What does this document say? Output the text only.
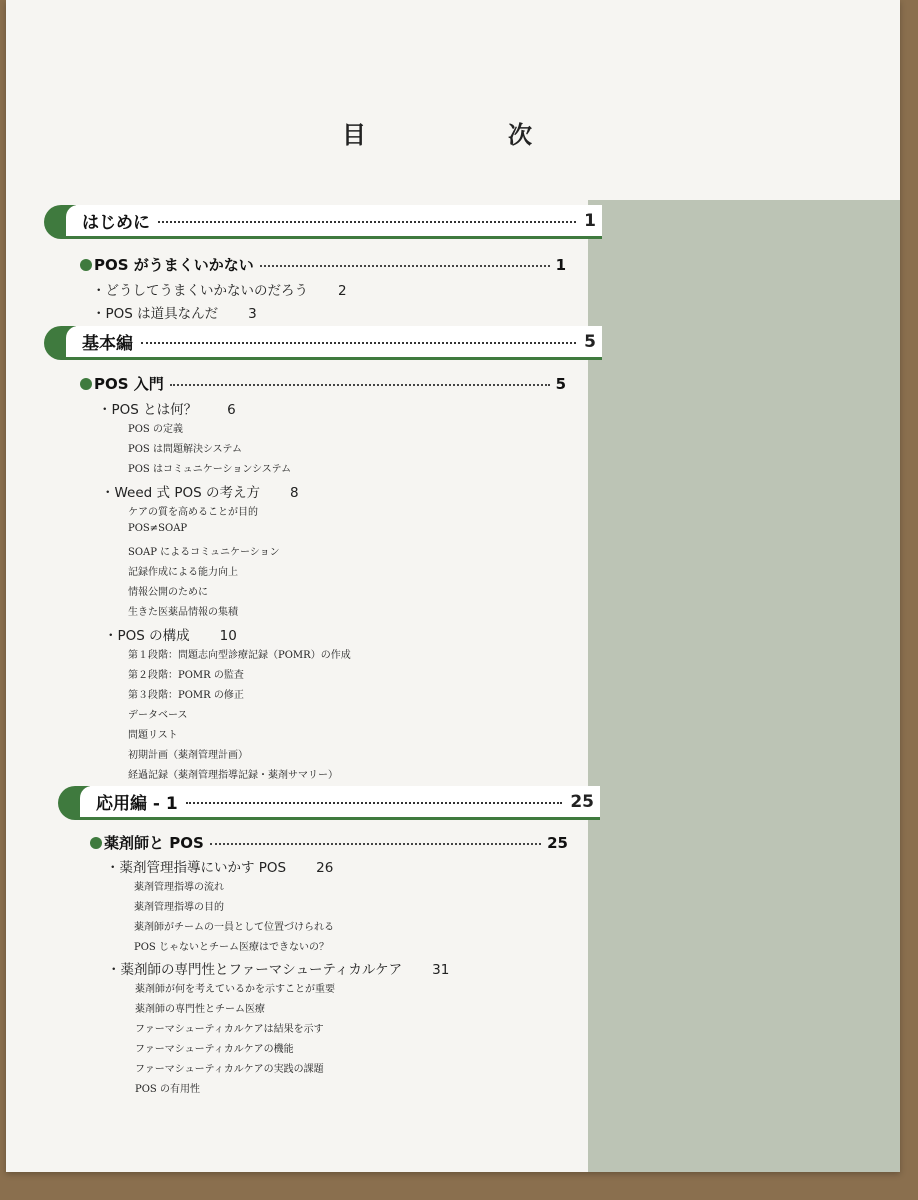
目	次
はじめに	1
POS がうまくいかない	1
・どうしてうまくいかないのだろう 2
・POS は道具なんだ 3
基本編	5
POS 入門	5
・POS とは何？ 6
POS の定義
POS は問題解決システム
POS はコミュニケーションシステム
・Weed 式 POS の考え方 8
ケアの質を高めることが目的
POS≠SOAP
SOAP によるコミュニケーション
記録作成による能力向上
情報公開のために
生きた医薬品情報の集積
・POS の構成 10
第１段階：問題志向型診療記録（POMR）の作成
第２段階：POMR の監査
第３段階：POMR の修正
データベース
問題リスト
初期計画（薬剤管理計画）
経過記録（薬剤管理指導記録・薬剤サマリー）
応用編 - 1	25
薬剤師と POS	25
・薬剤管理指導にいかす POS 26
薬剤管理指導の流れ
薬剤管理指導の目的
薬剤師がチームの一員として位置づけられる
POS じゃないとチーム医療はできないの？
・薬剤師の専門性とファーマシューティカルケア 31
薬剤師が何を考えているかを示すことが重要
薬剤師の専門性とチーム医療
ファーマシューティカルケアは結果を示す
ファーマシューティカルケアの機能
ファーマシューティカルケアの実践の課題
POS の有用性
